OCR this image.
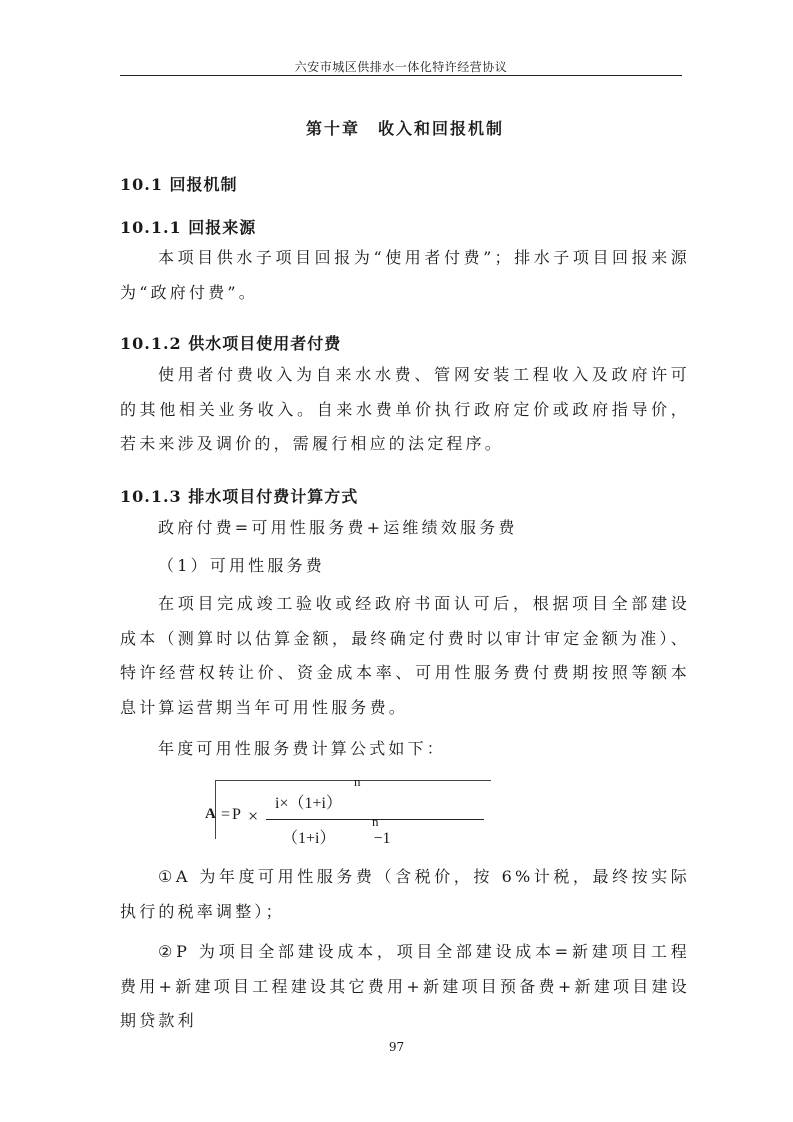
六安市城区供排水一体化特许经营协议
第十章　收入和回报机制
10.1 回报机制
10.1.1 回报来源
本项目供水子项目回报为“使用者付费”；排水子项目回报来源为“政府付费”。
10.1.2 供水项目使用者付费
使用者付费收入为自来水水费、管网安装工程收入及政府许可的其他相关业务收入。自来水费单价执行政府定价或政府指导价，若未来涉及调价的，需履行相应的法定程序。
10.1.3 排水项目付费计算方式
政府付费=可用性服务费+运维绩效服务费
（1）可用性服务费
在项目完成竣工验收或经政府书面认可后，根据项目全部建设成本（测算时以估算金额，最终确定付费时以审计审定金额为准）、特许经营权转让价、资金成本率、可用性服务费付费期按照等额本息计算运营期当年可用性服务费。
年度可用性服务费计算公式如下：
①A 为年度可用性服务费（含税价，按 6%计税，最终按实际执行的税率调整）；
②P 为项目全部建设成本，项目全部建设成本=新建项目工程费用+新建项目工程建设其它费用+新建项目预备费+新建项目建设期贷款利
A = P ×
i×（1+i）
n
（1+i） −1
n
97
